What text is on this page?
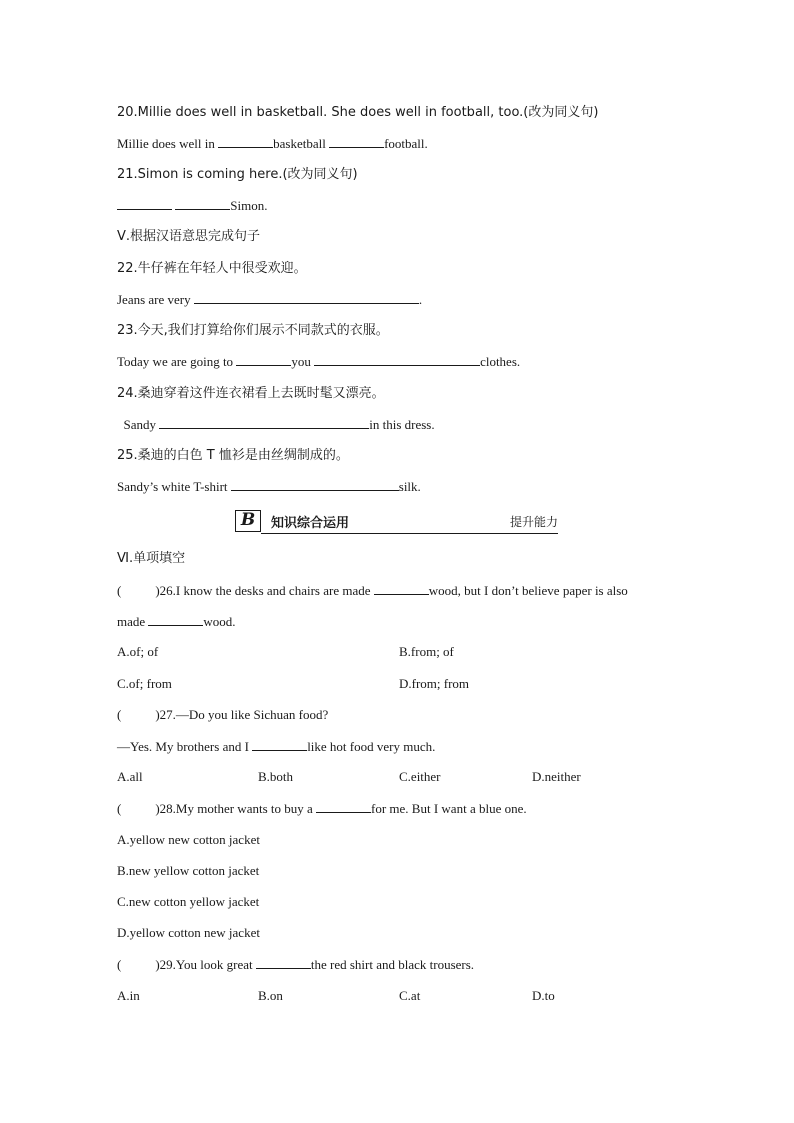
20.Millie does well in basketball. She does well in football, too.(改为同义句)
Millie does well in	basketball	football.
21.Simon is coming here.(改为同义句)
Simon.
Ⅴ.根据汉语意思完成句子
22.牛仔裤在年轻人中很受欢迎。
Jeans are very	.
23.今天,我们打算给你们展示不同款式的衣服。
Today we are going to	you	clothes.
24.桑迪穿着这件连衣裙看上去既时髦又漂亮。
Sandy	in this dress.
25.桑迪的白色 T 恤衫是由丝绸制成的。
Sandy’s white T-shirt	silk.
B	知识综合运用	提升能力
Ⅵ.单项填空
(	)26.I know the desks and chairs are made	wood, but I don’t believe paper is also
made	wood.
A.of; of	B.from; of
C.of; from	D.from; from
(	)27.—Do you like Sichuan food?
—Yes. My brothers and I	like hot food very much.
A.all	B.both	C.either	D.neither
(	)28.My mother wants to buy a	for me. But I want a blue one.
A.yellow new cotton jacket
B.new yellow cotton jacket
C.new cotton yellow jacket
D.yellow cotton new jacket
(	)29.You look great	the red shirt and black trousers.
A.in	B.on	C.at	D.to
